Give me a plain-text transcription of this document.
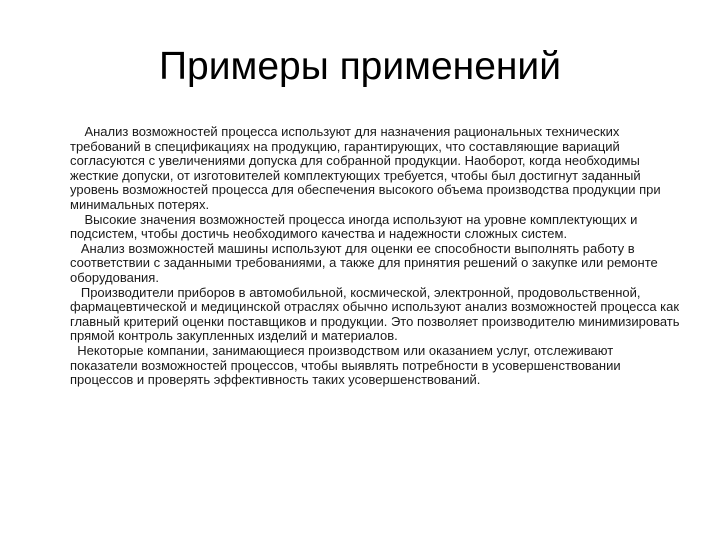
Примеры применений

Анализ возможностей процесса используют для назначения рациональных технических требований в спецификациях на продукцию, гарантирующих, что составляющие вариаций согласуются с увеличениями допуска для собранной продукции. Наоборот, когда необходимы жесткие допуски, от изготовителей комплектующих требуется, чтобы был достигнут заданный уровень возможностей процесса для обеспечения высокого объема производства продукции при минимальных потерях.

Высокие значения возможностей процесса иногда используют на уровне комплектующих и подсистем, чтобы достичь необходимого качества и надежности сложных систем.

Анализ возможностей машины используют для оценки ее способности выполнять работу в соответствии с заданными требованиями, а также для принятия решений о закупке или ремонте оборудования.

Производители приборов в автомобильной, космической, электронной, продовольственной, фармацевтической и медицинской отраслях обычно используют анализ возможностей процесса как главный критерий оценки поставщиков и продукции. Это позволяет производителю минимизировать прямой контроль закупленных изделий и материалов.

Некоторые компании, занимающиеся производством или оказанием услуг, отслеживают показатели возможностей процессов, чтобы выявлять потребности в усовершенствовании процессов и проверять эффективность таких усовершенствований.
